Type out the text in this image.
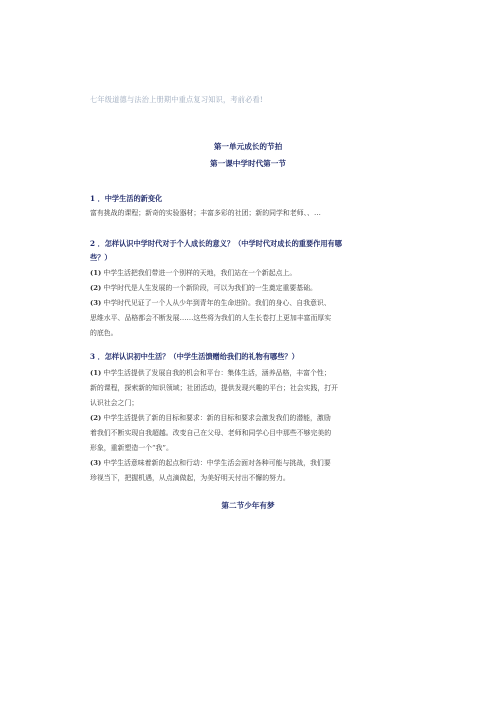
七年级道德与法治上册期中重点复习知识，考前必看!
第一单元成长的节拍
第一课中学时代第一节
1 ．中学生活的新变化
富有挑战的课程；新奇的实验器材；丰富多彩的社团；新的同学和老师、、…
2 ．怎样认识中学时代对于个人成长的意义？（中学时代对成长的重要作用有哪
些？）
(1) 中学生活把我们带进一个别样的天地，我们站在一个新起点上。
(2) 中学时代是人生发展的一个新阶段，可以为我们的一生奠定重要基础。
(3) 中学时代见证了一个人从少年到青年的生命进阶。我们的身心、自我意识、
思维水平、品格都会不断发展……这些将为我们的人生长卷打上更加丰富而厚实
的底色。
3 ．怎样认识初中生活？（中学生活馈赠给我们的礼物有哪些？）
(1) 中学生活提供了发展自我的机会和平台：集体生活，涵养品格，丰富个性；
新的课程，探索新的知识领域；社团活动，提供发现兴趣的平台；社会实践，打开
认识社会之门；
(2) 中学生活提供了新的目标和要求：新的目标和要求会激发我们的潜能，激励
着我们不断实现自我超越。改变自己在父母、老师和同学心目中那些不够完美的
形象，重新塑造一个“我”。
(3) 中学生活意味着新的起点和行动：中学生活会面对各种可能与挑战，我们要
珍视当下，把握机遇，从点滴做起，为美好明天付出不懈的努力。
第二节少年有梦
